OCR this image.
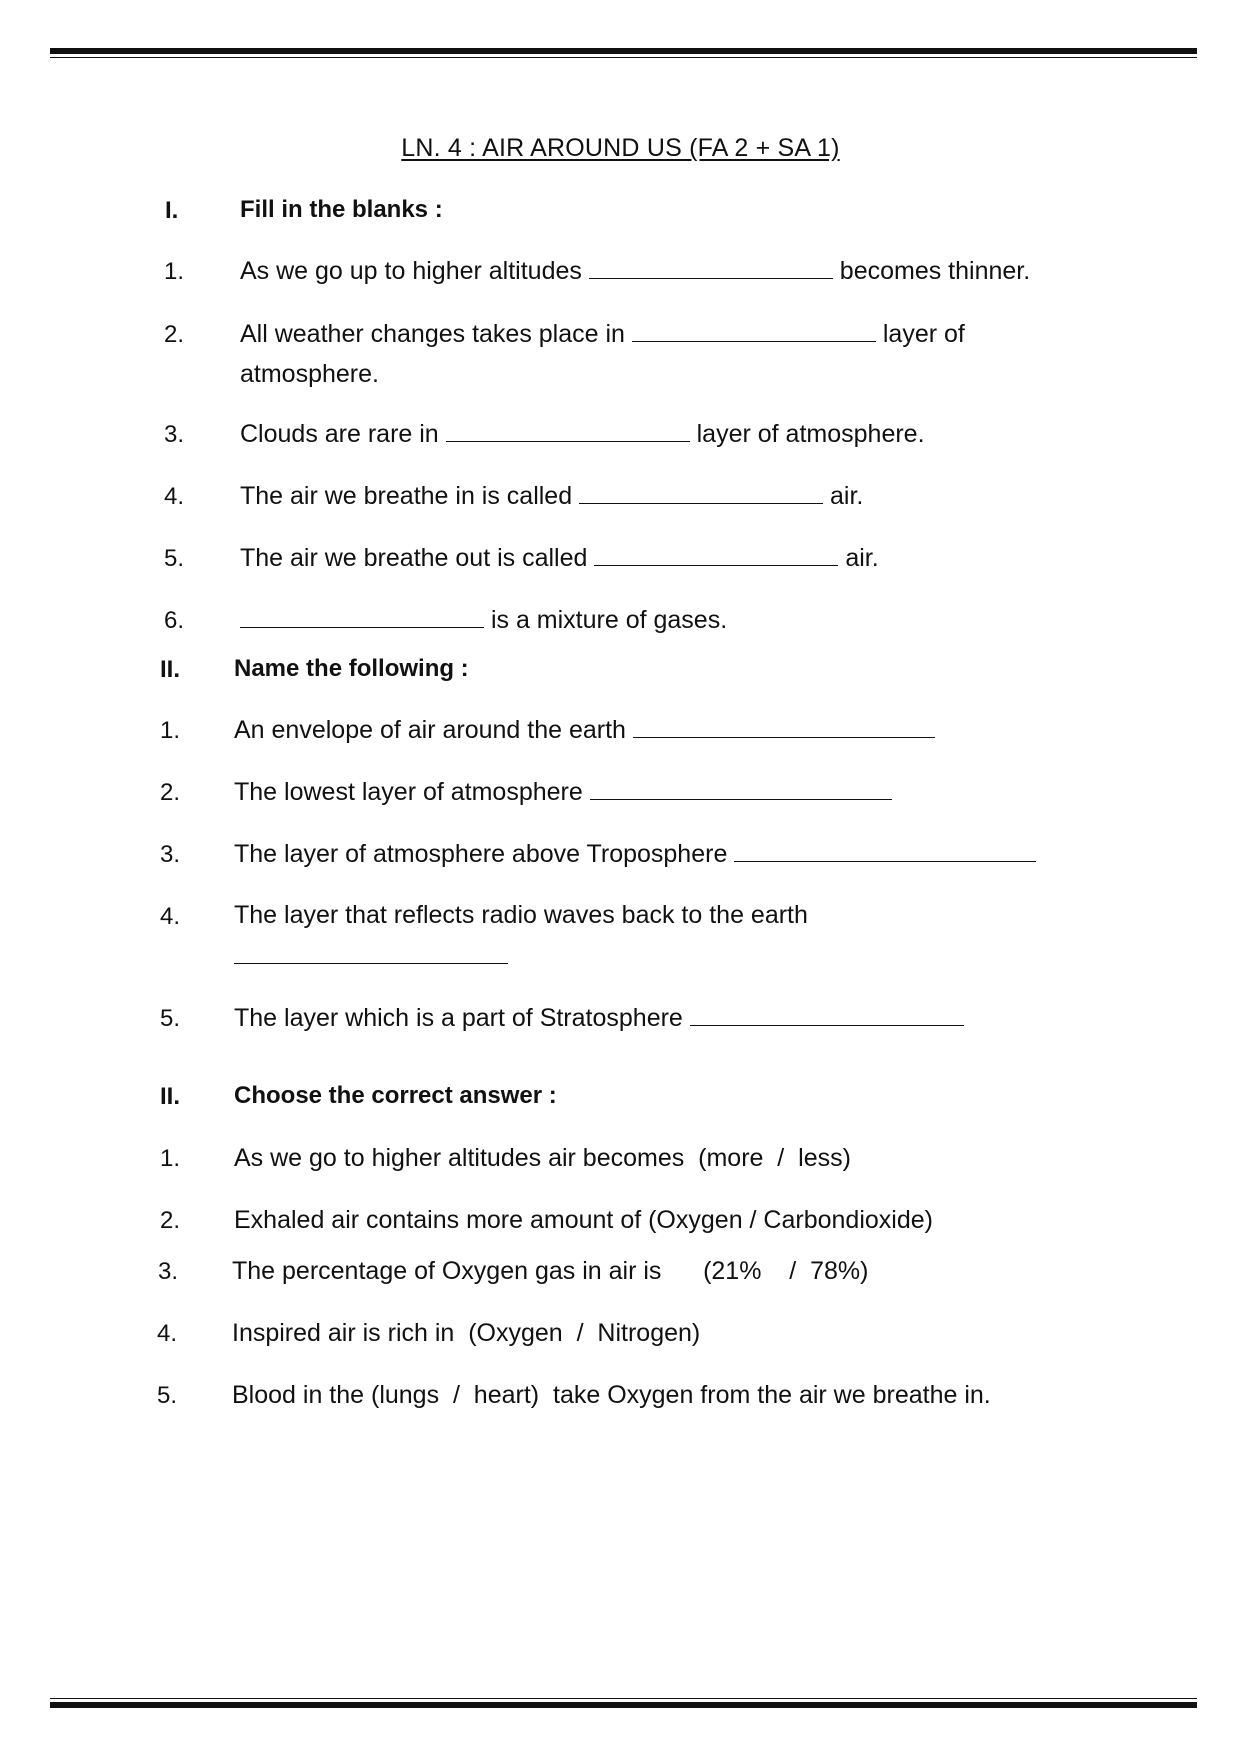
LN. 4 : AIR AROUND US (FA 2 + SA 1)
I.	Fill in the blanks :
1. As we go up to higher altitudes	becomes thinner.
2. All weather changes takes place in	layer of
atmosphere.
3. Clouds are rare in	layer of atmosphere.
4. The air we breathe in is called	air.
5. The air we breathe out is called	air.
6.	is a mixture of gases.
II. Name the following :
1. An envelope of air around the earth
2. The lowest layer of atmosphere
3. The layer of atmosphere above Troposphere
4. The layer that reflects radio waves back to the earth
5. The layer which is a part of Stratosphere
II. Choose the correct answer :
1. As we go to higher altitudes air becomes  (more  /  less)
2. Exhaled air contains more amount of (Oxygen / Carbondioxide)
3. The percentage of Oxygen gas in air is      (21%    /  78%)
4. Inspired air is rich in  (Oxygen  /  Nitrogen)
5. Blood in the (lungs  /  heart)  take Oxygen from the air we breathe in.
